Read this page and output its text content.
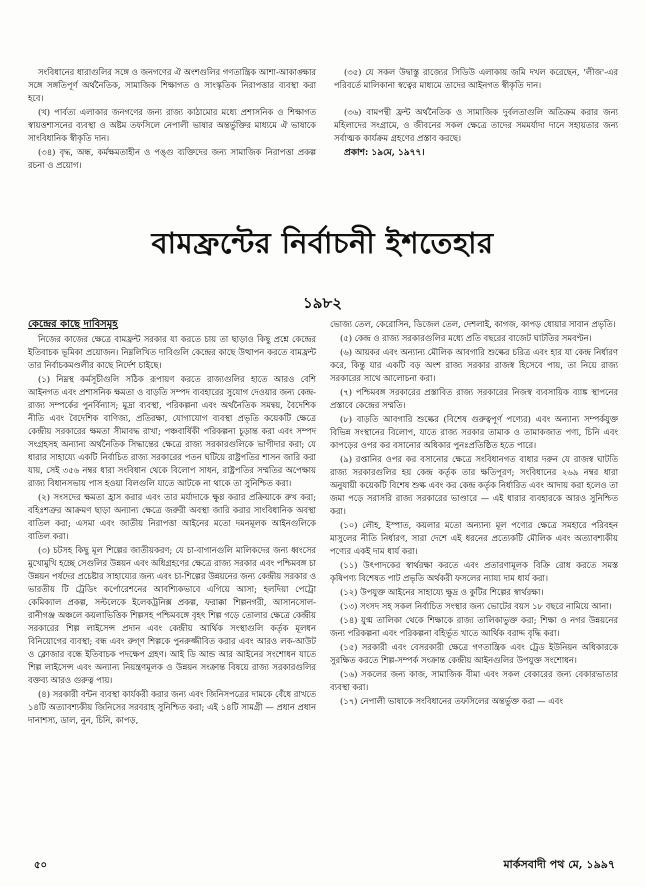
সংবিধানের ধারাগুলির সঙ্গে ও জনগণের ঐ অংশগুলির গণতান্ত্রিক আশা-আকাঙ্ক্ষার সঙ্গে সঙ্গতিপূর্ণ অর্থনৈতিক, সামাজিক শিক্ষাগত ও সাংস্কৃতিক নিরাপত্তার ব্যবস্থা করা হবে।

(খ) পার্বত্য এলাকার জনগণের জন্য রাজ্য কাঠামোর মধ্যে প্রশাসনিক ও শিক্ষাগত স্বায়ত্তশাসনের ব্যবস্থা ও অষ্টম তফসিলে নেপালী ভাষার অন্তর্ভুক্তির মাধ্যমে ঐ ভাষাকে সাংবিধানিক স্বীকৃতি দান।

(৩৪) বৃদ্ধ, অন্ধ, কর্মক্ষমতাহীন ও পঙ্গু ব্যক্তিদের জন্য সামাজিক নিরাপত্তা প্রকল্প রচনা ও প্রয়োগ।

(৩৫) যে সকল উদ্বাস্তু রাজ্যের সিডিউ এলাকায় জমি দখল করেছেন, 'লীজ'-এর পরিবর্তে মালিকানা স্বত্বের মাধ্যমে তাদের আইনগত স্বীকৃতি দান।

(৩৬) বামপন্থী ফ্রন্ট অর্থনৈতিক ও সামাজিক দুর্বলতাগুলি অতিক্রম করার জন্য মহিলাদের সংগ্রামে, ও জীবনের সকল ক্ষেত্রে তাদের সমমর্যাদা দানে সহায়তার জন্য সর্বাত্মক কার্যক্রম গ্রহণের প্রস্তাব করছে।

প্রকাশ: ১৯মে, ১৯৭৭।

বামফ্রন্টের নির্বাচনী ইশতেহার
১৯৮২
কেন্দ্রের কাছে দাবিসমূহ

নিজের কাজের ক্ষেত্রে বামফ্রন্ট সরকার যা করতে চায় তা ছাড়াও কিছু প্রশ্নে কেন্দ্রের ইতিবাচক ভূমিকা প্রয়োজন। নিম্নলিখিত দাবিগুলি কেন্দ্রের কাছে উত্থাপন করতে বামফ্রন্ট তার নির্বাচকমণ্ডলীর কাছে নির্দেশ চাইছে।

(১) নিম্নস্থ কর্মসূচীগুলি সঠিক রূপায়ণ করতে রাজ্যগুলির হাতে আরও বেশি আইনগত এবং প্রশাসনিক ক্ষমতা ও বাড়তি সম্পদ ব্যবহারের সুযোগ দেওয়ার জন্য কেন্দ্র-রাজ্য সম্পর্কের পুনর্বিন্যাস; মুদ্রা ব্যবস্থা, পরিকল্পনা এবং অর্থনৈতিক সমন্বয়, বৈদেশিক নীতি এবং বৈদেশিক বাণিজ্য, প্রতিরক্ষা, যোগাযোগ ব্যবস্থা প্রভৃতি কয়েকটি ক্ষেত্রে কেন্দ্রীয় সরকারের ক্ষমতা সীমাবদ্ধ রাখা; পঞ্চবার্ষিকী পরিকল্পনা চূড়ান্ত করা এবং সম্পদ সংগ্রহসহ অন্যান্য অর্থনৈতিক সিদ্ধান্তের ক্ষেত্রে রাজ্য সরকারগুলিকে ভাগীদার করা; যে ধারার সাহায্যে একটি নির্বাচিত রাজ্য সরকারের পতন ঘটিয়ে রাষ্ট্রপতির শাসন জারি করা যায়, সেই ৩৫৬ নম্বর ধারা সংবিধান থেকে বিলোপ সাধন, রাষ্ট্রপতির সম্মতির অপেক্ষায় রাজ্য বিধানসভায় পাস হওয়া বিলগুলি যাতে আটকে না থাকে তা সুনিশ্চিত করা।

(২) সংসদের ক্ষমতা হ্রাস করার এবং তার মর্যাদাকে ক্ষুণ্ণ করার প্রক্রিয়াকে রুখ করা; বহিঃশত্রুর আক্রমণ ছাড়া অন্যান্য ক্ষেত্রে জরুরী অবস্থা জারি করার সাংবিধানিক অবস্থা বাতিল করা; এসমা এবং জাতীয় নিরাপত্তা আইনের মতো দমনমূলক আইনগুলিকে বাতিল করা।

(৩) চটসহ কিছু মূল শিল্পের জাতীয়করণ; যে চা-বাগানগুলি মালিকদের জন্য ধ্বংসের মুখোমুখি হচ্ছে সেগুলির উন্নয়ন এবং অধিগ্রহণের ক্ষেত্রে রাজ্য সরকার এবং পশ্চিমবঙ্গ চা উন্নয়ন পর্ষদের প্রচেষ্টার সাহায্যের জন্য এবং চা-শিল্পের উন্নয়নের জন্য কেন্দ্রীয় সরকার ও ভারতীয় টি ট্রেডিং কর্পোরেশনের আবশ্যিকভাবে এগিয়ে আসা; হলদিয়া পেট্রো কেমিক্যাল প্রকল্প, সল্টলেকে ইলেকট্রনিক্স প্রকল্প, ফরাক্কা শিল্পনগরী, আসানসোল-রানীগঞ্জ অঞ্চলে কয়লাভিত্তিক শিল্পসহ পশ্চিমবঙ্গে বৃহৎ শিল্প গড়ে তোলার ক্ষেত্রে কেন্দ্রীয় সরকারের শিল্প লাইসেন্স প্রদান এবং কেন্দ্রীয় আর্থিক সংস্থাগুলি কর্তৃক মূলধন বিনিয়োগের ব্যবস্থা; বন্ধ এবং রুগ্ণ শিল্পকে পুনরুজ্জীবিত করার এবং আরও লক-আউট ও ক্লোজার বন্ধে ইতিবাচক পদক্ষেপ গ্রহণ। আই ডি আন্ড আর আইনের সংশোধন যাতে শিল্প লাইসেন্স এবং অন্যান্য নিয়ন্ত্রণমূলক ও উন্নয়ন সংক্রান্ত বিষয়ে রাজ্য সরকারগুলির বক্তব্য আরও গুরুত্ব পায়।

(৪) সরকারী বন্টন ব্যবস্থা কার্যকরী করার জন্য এবং জিনিসপত্রের দামকে বেঁধে রাখতে ১৪টি অত্যাবশ্যকীয় জিনিসের সরবরাহ সুনিশ্চিত করা; এই ১৪টি সামগ্রী — প্রধান প্রধান দানাশস্য, ডাল, নুন, চিনি, কাপড়,

ভোজ্য তেল, কেরোসিন, ডিজেল তেল, দেশলাই, কাগজ, কাপড় ধোয়ার সাবান প্রভৃতি।

(৫) কেন্দ্র ও রাজ্য সরকারগুলির মধ্যে প্রতি বছরের বাজেট ঘাটতির সমবণ্টন।

(৬) আয়কর এবং অন্যান্য মৌলিক আবগারি শুল্কের চরিত্র এবং হার যা কেন্দ্র নির্ধারণ করে, কিন্তু যার একটি বড় অংশ রাজ্য সরকার রাজস্ব হিসেবে পায়, তা নিয়ে রাজ্য সরকারের সাথে আলোচনা করা।

(৭) পশ্চিমবঙ্গ সরকারের প্রস্তাবিত রাজ্য সরকারের নিজস্ব ব্যবসায়িক ব্যাঙ্ক স্থাপনের প্রস্তাবে কেন্দ্রের সম্মতি।

(৮) বাড়তি আবগারি শুল্কের (বিশেষ গুরুত্বপূর্ণ পণ্যের) এবং অন্যান্য সম্পর্কযুক্ত বিভিন্ন সংস্থানের বিলোপ, যাতে রাজ্য সরকার তামাক ও তামাকজাত পণ্য, চিনি এবং কাপড়ের ওপর কর বসানোর অধিকার পুনঃপ্রতিষ্ঠিত হতে পারে।

(৯) রপ্তানির ওপর কর বসানোর ক্ষেত্রে সংবিধানগত বাধার দরুন যে রাজস্ব ঘাটতি রাজ্য সরকারগুলির হয় কেন্দ্র কর্তৃক তার ক্ষতিপূরণ; সংবিধানের ২৬৯ নম্বর ধারা অনুযায়ী কয়েকটি বিশেষ শুল্ক এবং কর কেন্দ্র কর্তৃক নির্ধারিত এবং আদায় করা হলেও তা জমা পড়ে সরাসরি রাজ্য সরকারের ভাণ্ডারে — এই ধারার ব্যবহারকে আরও সুনিশ্চিত করা।

(১০) লৌহ, ইস্পাত, কয়লার মতো অন্যান্য মূল পণ্যের ক্ষেত্রে সমহারে পরিবহন মাসুলের নীতি নির্ধারণ, সারা দেশে এই ধরনের প্রত্যেকটি মৌলিক এবং অত্যাবশ্যকীয় পণ্যের একই দাম ধার্য করা।

(১১) উৎপাদকের স্বার্থরক্ষা করতে এবং প্রতারণামূলক বিক্রি রোধ করতে সমস্ত কৃষিপণ্য বিশেষত পাট প্রভৃতি অর্থকরী ফসলের ন্যায্য দাম ধার্য করা।

(১২) উপযুক্ত আইনের সাহায্যে ক্ষুদ্র ও কুটির শিল্পের স্বার্থরক্ষা।

(১৩) সংসদ সহ সকল নির্বাচিত সংস্থার জন্য ভোটের বয়স ১৮ বছরে নামিয়ে আনা।

(১৪) যুগ্ম তালিকা থেকে শিক্ষাকে রাজ্য তালিকাভুক্ত করা; শিক্ষা ও নগর উন্নয়নের জন্য পরিকল্পনা এবং পরিকল্পনা বহির্ভূত খাতে আর্থিক বরাদ্দ বৃদ্ধি করা।

(১৫) সরকারী এবং বেসরকারী ক্ষেত্রে গণতান্ত্রিক এবং ট্রেড ইউনিয়ন অধিকারকে সুরক্ষিত করতে শিল্প-সম্পর্ক সংক্রান্ত কেন্দ্রীয় আইনগুলির উপযুক্ত সংশোধন।

(১৬) সকলের জন্য কাজ, সামাজিক বীমা এবং সকল বেকারের জন্য বেকারভাতার ব্যবস্থা করা।

(১৭) নেপালী ভাষাকে সংবিধানের তফসিলের অন্তর্ভুক্ত করা — এবং

৫০	মার্কসবাদী পথ মে, ১৯৯৭
